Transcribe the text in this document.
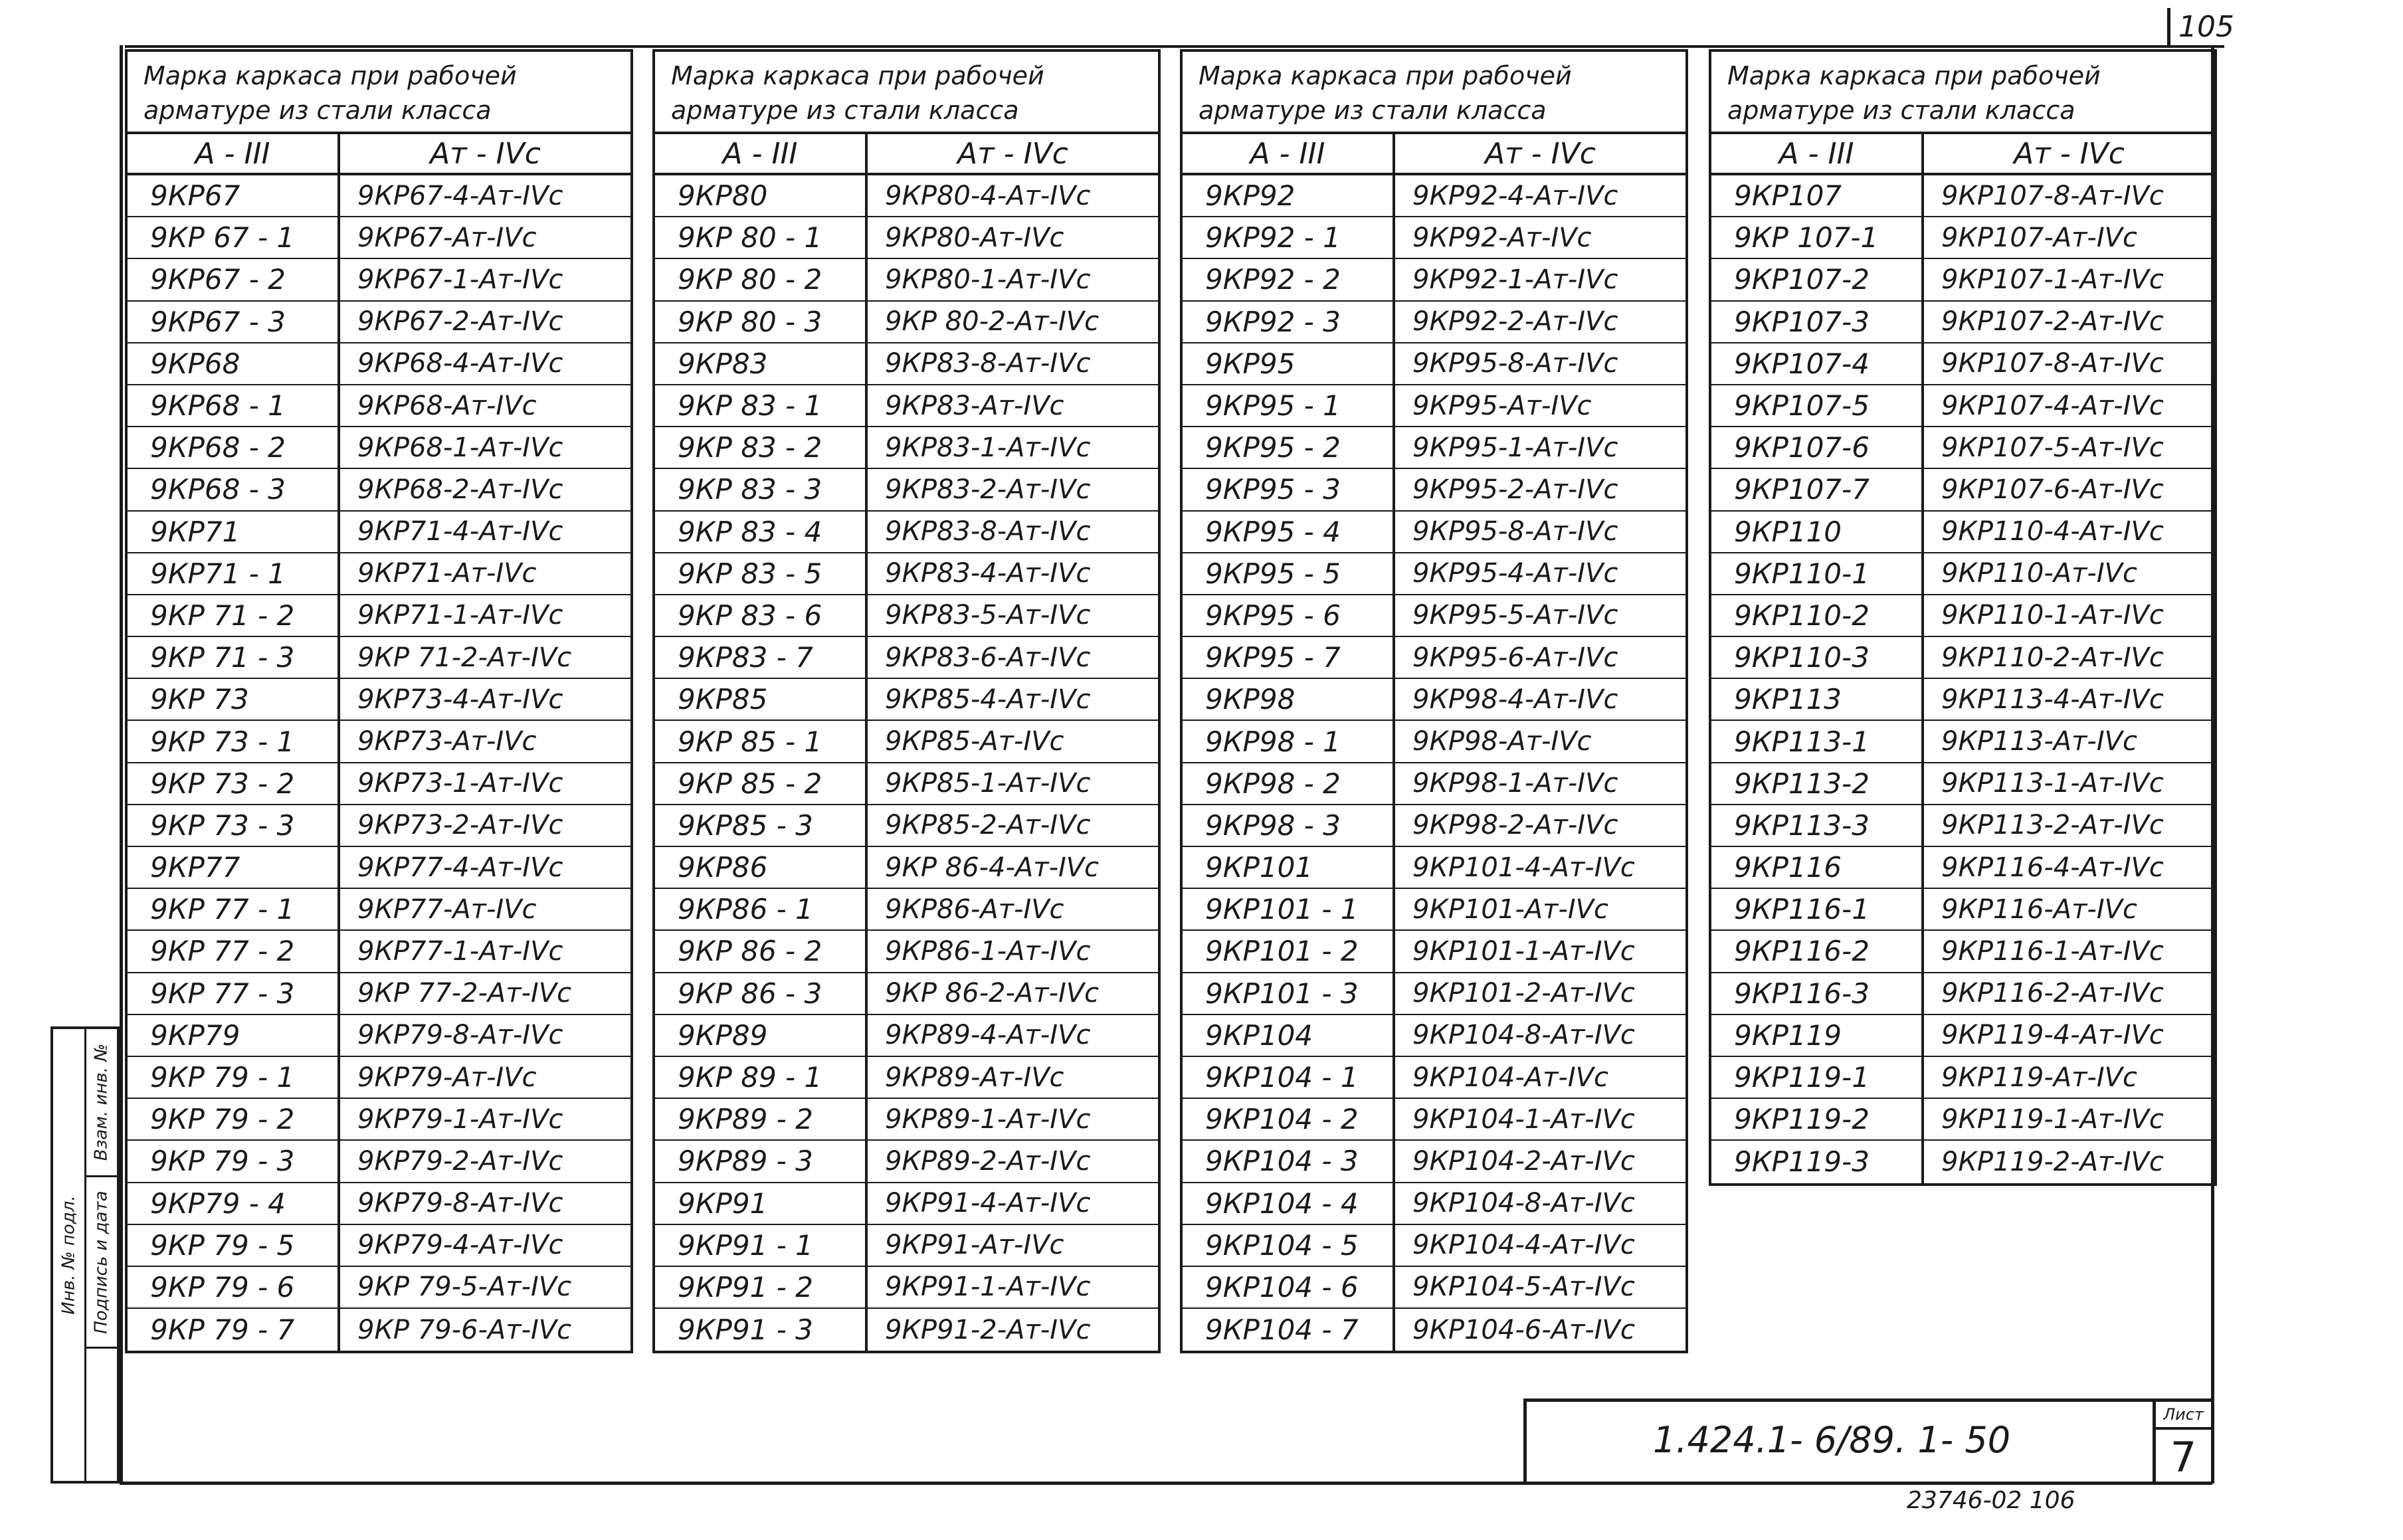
105
Инв. № подл.
Взам. инв. №
Подпись и дата
Марка каркаса при рабочей арматуре из стали класса
А - III	Ат - IVc
9КР67	9КР67-4-Ат-IVc
9КР 67 - 1	9КР67-Ат-IVc
9КР67 - 2	9КР67-1-Ат-IVc
9КР67 - 3	9КР67-2-Ат-IVc
9КР68	9КР68-4-Ат-IVc
9КР68 - 1	9КР68-Ат-IVc
9КР68 - 2	9КР68-1-Ат-IVc
9КР68 - 3	9КР68-2-Ат-IVc
9КР71	9КР71-4-Ат-IVc
9КР71 - 1	9КР71-Ат-IVc
9КР 71 - 2	9КР71-1-Ат-IVc
9КР 71 - 3	9КР 71-2-Ат-IVc
9КР 73	9КР73-4-Ат-IVc
9КР 73 - 1	9КР73-Ат-IVc
9КР 73 - 2	9КР73-1-Ат-IVc
9КР 73 - 3	9КР73-2-Ат-IVc
9КР77	9КР77-4-Ат-IVc
9КР 77 - 1	9КР77-Ат-IVc
9КР 77 - 2	9КР77-1-Ат-IVc
9КР 77 - 3	9КР 77-2-Ат-IVc
9КР79	9КР79-8-Ат-IVc
9КР 79 - 1	9КР79-Ат-IVc
9КР 79 - 2	9КР79-1-Ат-IVc
9КР 79 - 3	9КР79-2-Ат-IVc
9КР79 - 4	9КР79-8-Ат-IVc
9КР 79 - 5	9КР79-4-Ат-IVc
9КР 79 - 6	9КР 79-5-Ат-IVc
9КР 79 - 7	9КР 79-6-Ат-IVc
Марка каркаса при рабочей арматуре из стали класса
А - III	Ат - IVc
9КР80	9КР80-4-Ат-IVc
9КР 80 - 1	9КР80-Ат-IVc
9КР 80 - 2	9КР80-1-Ат-IVc
9КР 80 - 3	9КР 80-2-Ат-IVc
9КР83	9КР83-8-Ат-IVc
9КР 83 - 1	9КР83-Ат-IVc
9КР 83 - 2	9КР83-1-Ат-IVc
9КР 83 - 3	9КР83-2-Ат-IVc
9КР 83 - 4	9КР83-8-Ат-IVc
9КР 83 - 5	9КР83-4-Ат-IVc
9КР 83 - 6	9КР83-5-Ат-IVc
9КР83 - 7	9КР83-6-Ат-IVc
9КР85	9КР85-4-Ат-IVc
9КР 85 - 1	9КР85-Ат-IVc
9КР 85 - 2	9КР85-1-Ат-IVc
9КР85 - 3	9КР85-2-Ат-IVc
9КР86	9КР 86-4-Ат-IVc
9КР86 - 1	9КР86-Ат-IVc
9КР 86 - 2	9КР86-1-Ат-IVc
9КР 86 - 3	9КР 86-2-Ат-IVc
9КР89	9КР89-4-Ат-IVc
9КР 89 - 1	9КР89-Ат-IVc
9КР89 - 2	9КР89-1-Ат-IVc
9КР89 - 3	9КР89-2-Ат-IVc
9КР91	9КР91-4-Ат-IVc
9КР91 - 1	9КР91-Ат-IVc
9КР91 - 2	9КР91-1-Ат-IVc
9КР91 - 3	9КР91-2-Ат-IVc
Марка каркаса при рабочей арматуре из стали класса
А - III	Ат - IVc
9КР92	9КР92-4-Ат-IVc
9КР92 - 1	9КР92-Ат-IVc
9КР92 - 2	9КР92-1-Ат-IVc
9КР92 - 3	9КР92-2-Ат-IVc
9КР95	9КР95-8-Ат-IVc
9КР95 - 1	9КР95-Ат-IVc
9КР95 - 2	9КР95-1-Ат-IVc
9КР95 - 3	9КР95-2-Ат-IVc
9КР95 - 4	9КР95-8-Ат-IVc
9КР95 - 5	9КР95-4-Ат-IVc
9КР95 - 6	9КР95-5-Ат-IVc
9КР95 - 7	9КР95-6-Ат-IVc
9КР98	9КР98-4-Ат-IVc
9КР98 - 1	9КР98-Ат-IVc
9КР98 - 2	9КР98-1-Ат-IVc
9КР98 - 3	9КР98-2-Ат-IVc
9КР101	9КР101-4-Ат-IVc
9КР101 - 1	9КР101-Ат-IVc
9КР101 - 2	9КР101-1-Ат-IVc
9КР101 - 3	9КР101-2-Ат-IVc
9КР104	9КР104-8-Ат-IVc
9КР104 - 1	9КР104-Ат-IVc
9КР104 - 2	9КР104-1-Ат-IVc
9КР104 - 3	9КР104-2-Ат-IVc
9КР104 - 4	9КР104-8-Ат-IVc
9КР104 - 5	9КР104-4-Ат-IVc
9КР104 - 6	9КР104-5-Ат-IVc
9КР104 - 7	9КР104-6-Ат-IVc
Марка каркаса при рабочей арматуре из стали класса
А - III	Ат - IVc
9КР107	9КР107-8-Ат-IVc
9КР 107-1	9КР107-Ат-IVc
9КР107-2	9КР107-1-Ат-IVc
9КР107-3	9КР107-2-Ат-IVc
9КР107-4	9КР107-8-Ат-IVc
9КР107-5	9КР107-4-Ат-IVc
9КР107-6	9КР107-5-Ат-IVc
9КР107-7	9КР107-6-Ат-IVc
9КР110	9КР110-4-Ат-IVc
9КР110-1	9КР110-Ат-IVc
9КР110-2	9КР110-1-Ат-IVc
9КР110-3	9КР110-2-Ат-IVc
9КР113	9КР113-4-Ат-IVc
9КР113-1	9КР113-Ат-IVc
9КР113-2	9КР113-1-Ат-IVc
9КР113-3	9КР113-2-Ат-IVc
9КР116	9КР116-4-Ат-IVc
9КР116-1	9КР116-Ат-IVc
9КР116-2	9КР116-1-Ат-IVc
9КР116-3	9КР116-2-Ат-IVc
9КР119	9КР119-4-Ат-IVc
9КР119-1	9КР119-Ат-IVc
9КР119-2	9КР119-1-Ат-IVc
9КР119-3	9КР119-2-Ат-IVc
1.424.1- 6/89. 1- 50
Лист
7
23746-02 106
